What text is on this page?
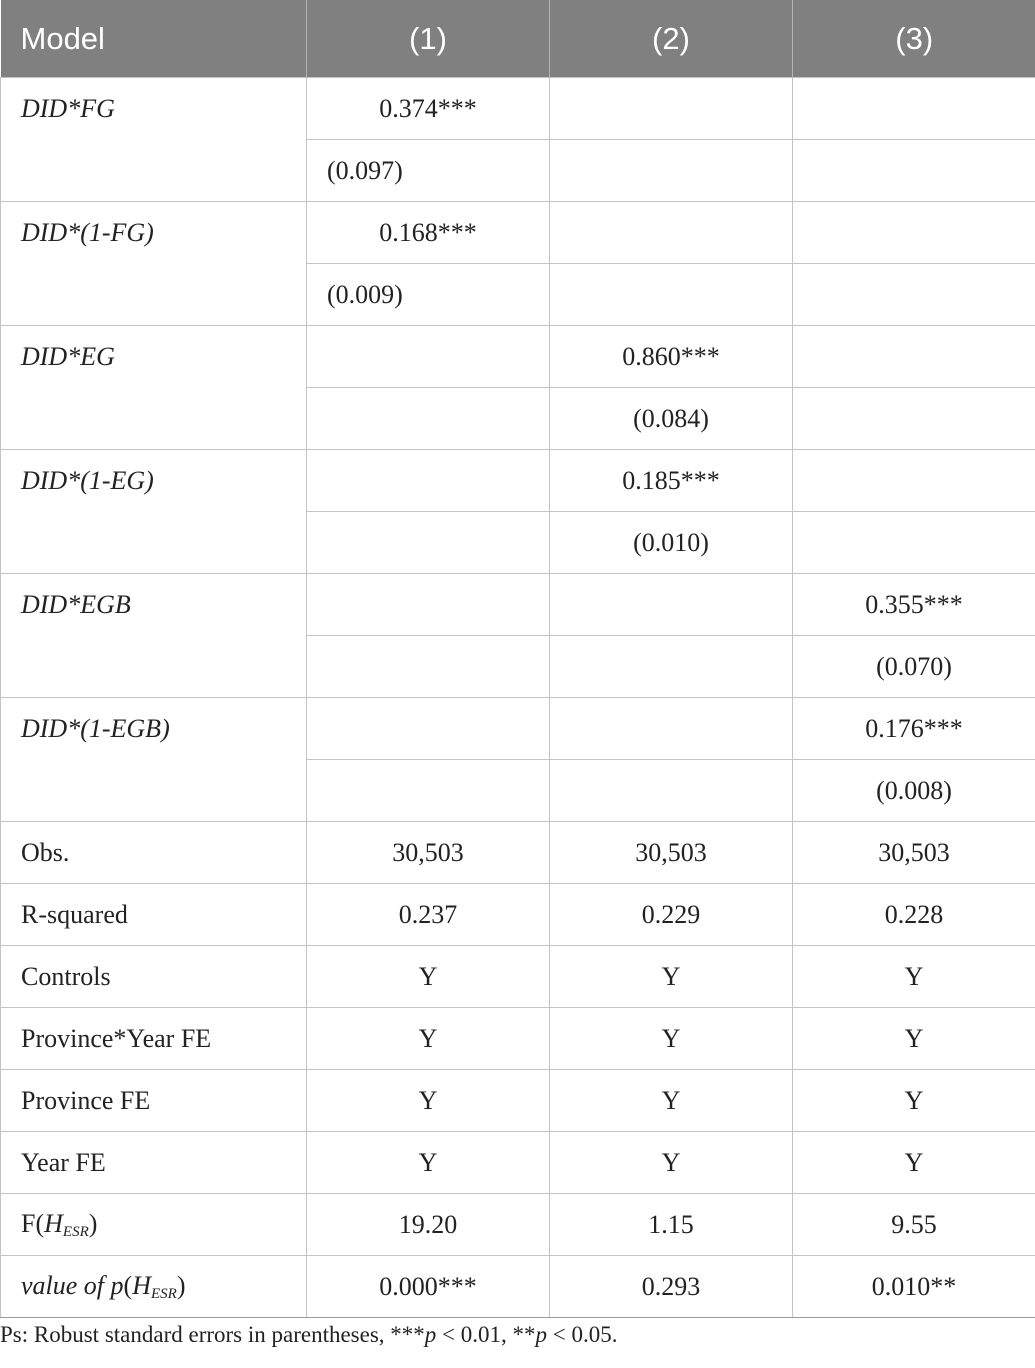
Model	(1)	(2)	(3)
DID*FG	0.374***		
	(0.097)		
DID*(1-FG)	0.168***		
	(0.009)		
DID*EG		0.860***	
		(0.084)	
DID*(1-EG)		0.185***	
		(0.010)	
DID*EGB			0.355***
			(0.070)
DID*(1-EGB)			0.176***
			(0.008)
Obs.	30,503	30,503	30,503
R-squared	0.237	0.229	0.228
Controls	Y	Y	Y
Province*Year FE	Y	Y	Y
Province FE	Y	Y	Y
Year FE	Y	Y	Y
$F(H_{ESR})$	19.20	1.15	9.55
value of $p(H_{ESR})$	0.000***	0.293	0.010**
Ps: Robust standard errors in parentheses, ***p < 0.01, **p < 0.05.
